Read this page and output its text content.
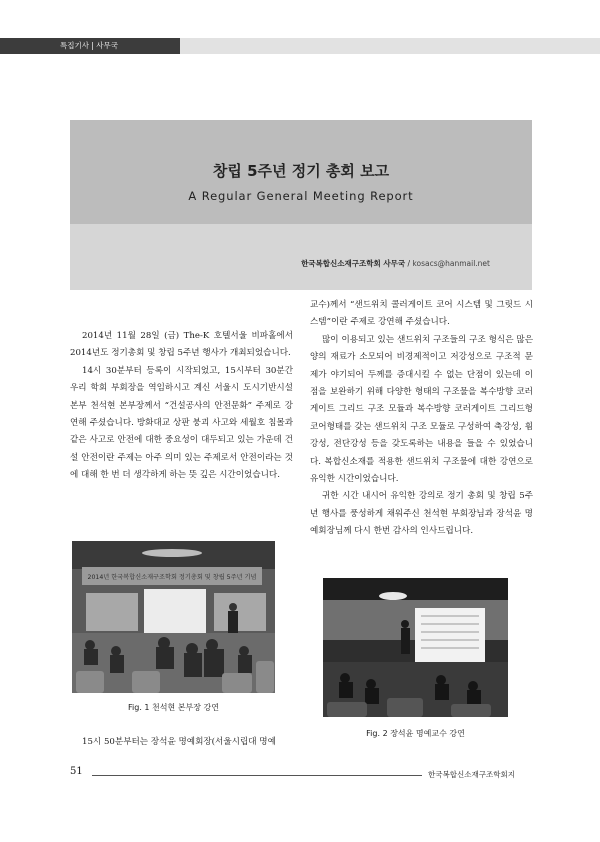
특집기사 | 사무국
창립 5주년 정기 총회 보고
A Regular General Meeting Report
한국복합신소재구조학회 사무국 / kosacs@hanmail.net

2014년 11월 28일 (금) The-K 호텔서울 비파홀에서 2014년도 정기총회 및 창립 5주년 행사가 개최되었습니다.

14시 30분부터 등록이 시작되었고, 15시부터 30분간 우리 학회 부회장을 역임하시고 계신 서울시 도시기반시설본부 천석현 본부장께서 “건설공사의 안전문화” 주제로 강연해 주셨습니다. 방화대교 상판 붕괴 사고와 세월호 침몰과 같은 사고로 안전에 대한 중요성이 대두되고 있는 가운데 건설 안전이란 주제는 아주 의미 있는 주제로서 안전이라는 것에 대해 한 번 더 생각하게 하는 뜻 깊은 시간이었습니다.

교수)께서 “샌드위치 콜러게이트 코어 시스템 및 그릿드 시스템”이란 주제로 강연해 주셨습니다.

많이 이용되고 있는 샌드위치 구조들의 구조 형식은 많은 양의 재료가 소모되어 비경제적이고 저강성으로 구조적 문제가 야기되어 두께를 증대시킬 수 없는 단점이 있는데 이 점을 보완하기 위해 다양한 형태의 구조물을 복수방향 코러게이트 그리드 구조 모듈과 복수방향 코러게이트 그리드형 코어형태를 갖는 샌드위치 구조 모듈로 구성하여 축강성, 휨강성, 전단강성 등을 갖도록하는 내용을 들을 수 있었습니다. 복합신소재를 적용한 샌드위치 구조물에 대한 강연으로 유익한 시간이었습니다.

귀한 시간 내시어 유익한 강의로 정기 총회 및 창립 5주년 행사를 풍성하게 채워주신 천석현 부회장님과 장석윤 명예회장님께 다시 한번 감사의 인사드립니다.

2014년 한국복합신소재구조학회 정기총회 및 창립 5주년 기념
Fig. 1 천석현 본부장 강연
15시 50분부터는 장석윤 명예회장(서울시립대 명예
Fig. 2 장석윤 명예교수 강연
51	한국복합신소재구조학회지
